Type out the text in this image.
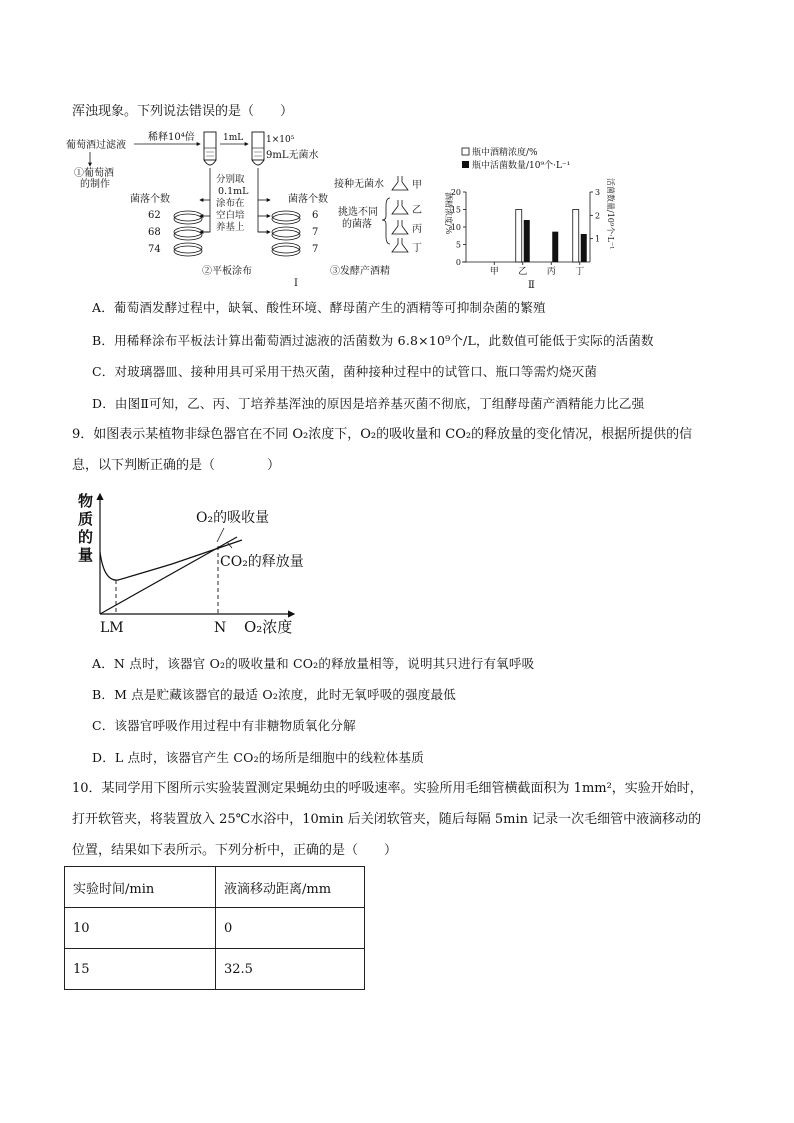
浑浊现象。下列说法错误的是（　　）
葡萄酒过滤液
①葡萄酒
的制作
稀释10⁴倍	1mL	1×10⁵
9mL无菌水
分别取
0.1mL
涂布在
空白培
养基上
菌落个数
62
68
74
菌落个数
6
7
7
接种无菌水
挑选不同
的菌落
甲
乙
丙
丁
②平板涂布	③发酵产酒精
Ⅰ
瓶中酒精浓度/%
瓶中活菌数量/10⁹个·L⁻¹
20
15
10
5
0
3
2
1
酒精浓度/%	活菌数量/10⁹个·L⁻¹
甲 乙 丙 丁
Ⅱ
A．葡萄酒发酵过程中，缺氧、酸性环境、酵母菌产生的酒精等可抑制杂菌的繁殖
B．用稀释涂布平板法计算出葡萄酒过滤液的活菌数为 6.8×10⁹个/L，此数值可能低于实际的活菌数
C．对玻璃器皿、接种用具可采用干热灭菌，菌种接种过程中的试管口、瓶口等需灼烧灭菌
D．由图Ⅱ可知，乙、丙、丁培养基浑浊的原因是培养基灭菌不彻底，丁组酵母菌产酒精能力比乙强
9．如图表示某植物非绿色器官在不同 O₂浓度下，O₂的吸收量和 CO₂的释放量的变化情况，根据所提供的信
息，以下判断正确的是（　　　　）
物
质
的
量
O₂的吸收量
CO₂的释放量
LM	N O₂浓度
A．N 点时，该器官 O₂的吸收量和 CO₂的释放量相等，说明其只进行有氧呼吸
B．M 点是贮藏该器官的最适 O₂浓度，此时无氧呼吸的强度最低
C．该器官呼吸作用过程中有非糖物质氧化分解
D．L 点时，该器官产生 CO₂的场所是细胞中的线粒体基质
10．某同学用下图所示实验装置测定果蝇幼虫的呼吸速率。实验所用毛细管横截面积为 1mm²，实验开始时，
打开软管夹，将装置放入 25℃水浴中，10min 后关闭软管夹，随后每隔 5min 记录一次毛细管中液滴移动的
位置，结果如下表所示。下列分析中，正确的是（　　）
实验时间/min	液滴移动距离/mm
10	0
15	32.5
